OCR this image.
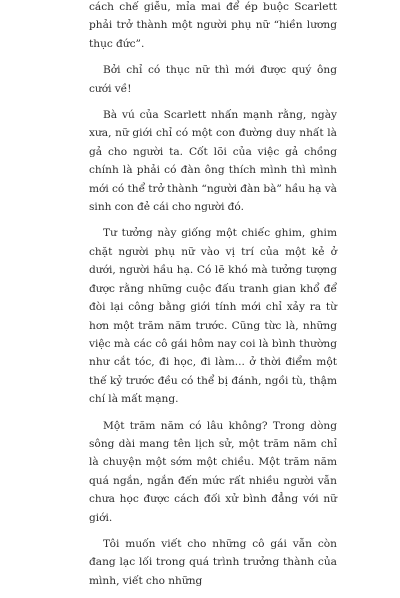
cách chế giễu, mỉa mai để ép buộc Scarlett phải trở thành một người phụ nữ “hiền lương thục đức”.

Bởi chỉ có thục nữ thì mới được quý ông cưới về!

Bà vú của Scarlett nhấn mạnh rằng, ngày xưa, nữ giới chỉ có một con đường duy nhất là gả cho người ta. Cốt lõi của việc gả chồng chính là phải có đàn ông thích mình thì mình mới có thể trở thành “người đàn bà” hầu hạ và sinh con đẻ cái cho người đó.

Tư tưởng này giống một chiếc ghim, ghim chặt người phụ nữ vào vị trí của một kẻ ở dưới, người hầu hạ. Có lẽ khó mà tưởng tượng được rằng những cuộc đấu tranh gian khổ để đòi lại công bằng giới tính mới chỉ xảy ra từ hơn một trăm năm trước. Cũng từc là, những việc mà các cô gái hôm nay coi là bình thường như cắt tóc, đi học, đi làm... ở thời điểm một thế kỷ trước đều có thể bị đánh, ngồi tù, thậm chí là mất mạng.

Một trăm năm có lâu không? Trong dòng sông dài mang tên lịch sử, một trăm năm chỉ là chuyện một sớm một chiều. Một trăm năm quá ngắn, ngắn đến mức rất nhiều người vẫn chưa học được cách đối xử bình đẳng với nữ giới.

Tôi muốn viết cho những cô gái vẫn còn đang lạc lối trong quá trình trưởng thành của mình, viết cho những
